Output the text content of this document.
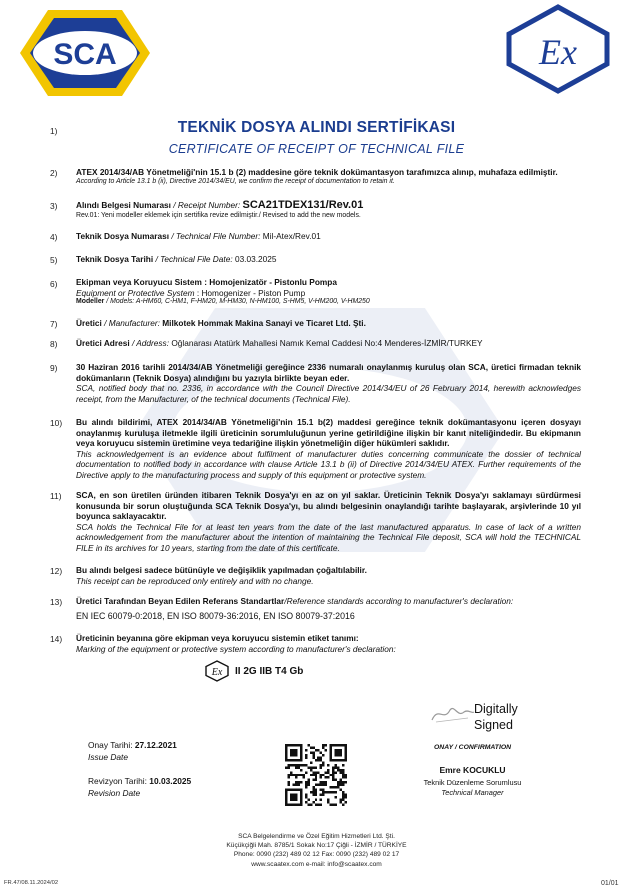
SCA	Ex
TEKNİK DOSYA ALINDI SERTİFİKASI
CERTIFICATE OF RECEIPT OF TECHNICAL FILE
1)
2) ATEX 2014/34/AB Yönetmeliği'nin 15.1 b (2) maddesine göre teknik dokümantasyon tarafımızca alınıp, muhafaza edilmiştir.
According to Article 13.1 b (ii), Directive 2014/34/EU, we confirm the receipt of documentation to retain it.
3) Alındı Belgesi Numarası / Receipt Number: SCA21TDEX131/Rev.01
Rev.01: Yeni modeller eklemek için sertifika revize edilmiştir./ Revised to add the new models.
4) Teknik Dosya Numarası / Technical File Number: Mil-Atex/Rev.01
5) Teknik Dosya Tarihi / Technical File Date: 03.03.2025
6) Ekipman veya Koruyucu Sistem : Homojenizatör - Pistonlu Pompa
Equipment or Protective System : Homogenizer - Piston Pump
Modeller / Models: A-HM60, C-HM1, F-HM20, M-HM30, N-HM100, S-HM5, V-HM200, V-HM250
7) Üretici / Manufacturer: Milkotek Hommak Makina Sanayi ve Ticaret Ltd. Şti.
8) Üretici Adresi / Address: Oğlanarası Atatürk Mahallesi Namık Kemal Caddesi No:4 Menderes-İZMİR/TURKEY
9) 30 Haziran 2016 tarihli 2014/34/AB Yönetmeliği gereğince 2336 numaralı onaylanmış kuruluş olan SCA, üretici firmadan teknik dokümanların (Teknik Dosya) alındığını bu yazıyla birlikte beyan eder.
SCA, notified body that no. 2336, in accordance with the Council Directive 2014/34/EU of 26 February 2014, herewith acknowledges receipt, from the Manufacturer, of the technical documents (Technical File).
10) Bu alındı bildirimi, ATEX 2014/34/AB Yönetmeliği'nin 15.1 b(2) maddesi gereğince teknik dokümantasyonu içeren dosyayı onaylanmış kuruluşa iletmekle ilgili üreticinin sorumluluğunun yerine getirildiğine ilişkin bir kanıt niteliğindedir. Bu ekipmanın veya koruyucu sistemin üretimine veya tedariğine ilişkin yönetmeliğin diğer hükümleri saklıdır.
This acknowledgement is an evidence about fulfilment of manufacturer duties concerning communicate the dossier of technical documentation to notified body in accordance with clause Article 13.1 b (ii) of Directive 2014/34/EU ATEX. Further requirements of the Directive apply to the manufacturing process and supply of this equipment or protective system.
11) SCA, en son üretilen üründen itibaren Teknik Dosya'yı en az on yıl saklar. Üreticinin Teknik Dosya'yı saklamayı sürdürmesi konusunda bir sorun oluştuğunda SCA Teknik Dosya'yı, bu alındı belgesinin onaylandığı tarihte başlayarak, arşivlerinde 10 yıl boyunca saklayacaktır.
SCA holds the Technical File for at least ten years from the date of the last manufactured apparatus. In case of lack of a written acknowledgement from the manufacturer about the intention of maintaining the Technical File deposit, SCA will hold the TECHNICAL FILE in its archives for 10 years, starting from the date of this certificate.
12) Bu alındı belgesi sadece bütünüyle ve değişiklik yapılmadan çoğaltılabilir.
This receipt can be reproduced only entirely and with no change.
13) Üretici Tarafından Beyan Edilen Referans Standartlar/Reference standards according to manufacturer's declaration:
EN IEC 60079-0:2018, EN ISO 80079-36:2016, EN ISO 80079-37:2016
14) Üreticinin beyanına göre ekipman veya koruyucu sistemin etiket tanımı:
Marking of the equipment or protective system according to manufacturer's declaration:
Ex II 2G IIB T4 Gb
Digitally
Signed
ONAY / CONFIRMATION
Emre KOCUKLU
Teknik Düzenleme Sorumlusu
Technical Manager
Onay Tarihi: 27.12.2021
Issue Date
Revizyon Tarihi: 10.03.2025
Revision Date
SCA Belgelendirme ve Özel Eğitim Hizmetleri Ltd. Şti.
Küçükçiğli Mah. 8785/1 Sokak No:17 Çiğli - İZMİR / TÜRKİYE
Phone: 0090 (232) 489 02 12 Fax: 0090 (232) 489 02 17
www.scaatex.com e-mail: info@scaatex.com
FR.47/08.11.2024/02	01/01
